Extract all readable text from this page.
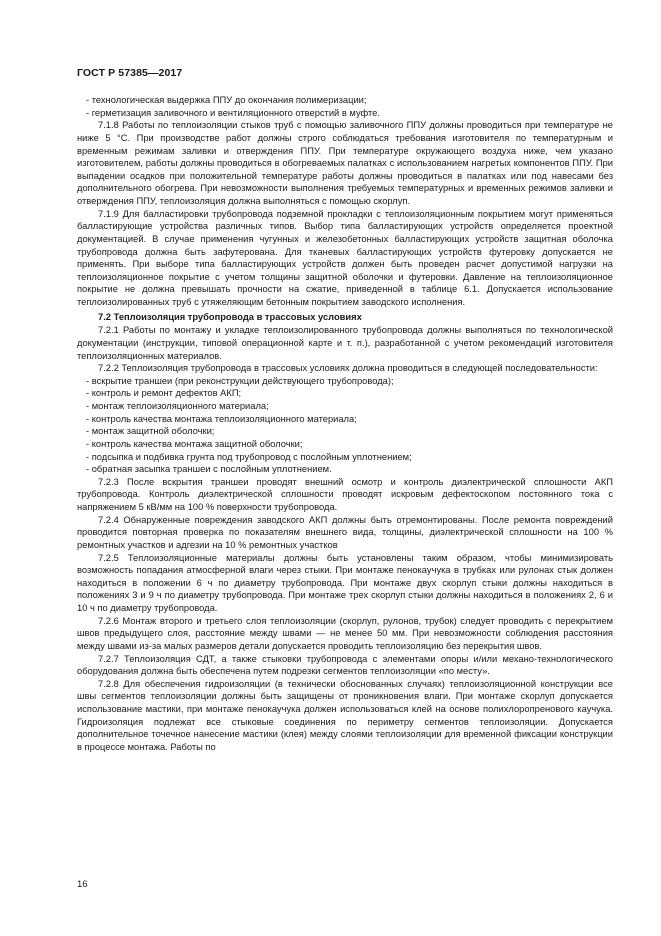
ГОСТ Р 57385—2017

- технологическая выдержка ППУ до окончания полимеризации;

- герметизация заливочного и вентиляционного отверстий в муфте.

7.1.8 Работы по теплоизоляции стыков труб с помощью заливочного ППУ должны проводиться при температуре не ниже 5 °С. При производстве работ должны строго соблюдаться требования изготовителя по температурным и временным режимам заливки и отверждения ППУ. При температуре окружающего воздуха ниже, чем указано изготовителем, работы должны проводиться в обогреваемых палатках с использованием нагретых компонентов ППУ. При выпадении осадков при положительной температуре работы должны проводиться в палатках или под навесами без дополнительного обогрева. При невозможности выполнения требуемых температурных и временных режимов заливки и отверждения ППУ, теплоизоляция должна выполняться с помощью скорлуп.

7.1.9 Для балластировки трубопровода подземной прокладки с теплоизоляционным покрытием могут применяться балластирующие устройства различных типов. Выбор типа балластирующих устройств определяется проектной документацией. В случае применения чугунных и железобетонных балластирующих устройств защитная оболочка трубопровода должна быть зафутерована. Для тканевых балластирующих устройств футеровку допускается не применять. При выборе типа балластирующих устройств должен быть проведен расчет допустимой нагрузки на теплоизоляционное покрытие с учетом толщины защитной оболочки и футеровки. Давление на теплоизоляционное покрытие не должна превышать прочности на сжатие, приведенной в таблице 6.1. Допускается использование теплоизолированных труб с утяжеляющим бетонным покрытием заводского исполнения.

7.2 Теплоизоляция трубопровода в трассовых условиях

7.2.1 Работы по монтажу и укладке теплоизолированного трубопровода должны выполняться по технологической документации (инструкции, типовой операционной карте и т. п.), разработанной с учетом рекомендаций изготовителя теплоизоляционных материалов.

7.2.2 Теплоизоляция трубопровода в трассовых условиях должна проводиться в следующей последовательности:

- вскрытие траншеи (при реконструкции действующего трубопровода);

- контроль и ремонт дефектов АКП;

- монтаж теплоизоляционного материала;

- контроль качества монтажа теплоизоляционного материала;

- монтаж защитной оболочки;

- контроль качества монтажа защитной оболочки;

- подсыпка и подбивка грунта под трубопровод с послойным уплотнением;

- обратная засыпка траншеи с послойным уплотнением.

7.2.3 После вскрытия траншеи проводят внешний осмотр и контроль диэлектрической сплошности АКП трубопровода. Контроль диэлектрической сплошности проводят искровым дефектоскопом постоянного тока с напряжением 5 кВ/мм на 100 % поверхности трубопровода.

7.2.4 Обнаруженные повреждения заводского АКП должны быть отремонтированы. После ремонта повреждений проводится повторная проверка по показателям внешнего вида, толщины, диэлектрической сплошности на 100 % ремонтных участков и адгезии на 10 % ремонтных участков

7.2.5 Теплоизоляционные материалы должны быть установлены таким образом, чтобы минимизировать возможность попадания атмосферной влаги через стыки. При монтаже пенокаучука в трубках или рулонах стык должен находиться в положении 6 ч по диаметру трубопровода. При монтаже двух скорлуп стыки должны находиться в положениях 3 и 9 ч по диаметру трубопровода. При монтаже трех скорлуп стыки должны находиться в положениях 2, 6 и 10 ч по диаметру трубопровода.

7.2.6 Монтаж второго и третьего слоя теплоизоляции (скорлуп, рулонов, трубок) следует проводить с перекрытием швов предыдущего слоя, расстояние между швами — не менее 50 мм. При невозможности соблюдения расстояния между швами из-за малых размеров детали допускается проводить теплоизоляцию без перекрытия швов.

7.2.7 Теплоизоляция СДТ, а также стыковки трубопровода с элементами опоры и/или механо-технологического оборудования должна быть обеспечена путем подрезки сегментов теплоизоляции «по месту».

7.2.8 Для обеспечения гидроизоляции (в технически обоснованных случаях) теплоизоляционной конструкции все швы сегментов теплоизоляции должны быть защищены от проникновения влаги. При монтаже скорлуп допускается использование мастики, при монтаже пенокаучука должен использоваться клей на основе полихлоропренового каучука. Гидроизоляция подлежат все стыковые соединения по периметру сегментов теплоизоляции. Допускается дополнительное точечное нанесение мастики (клея) между слоями теплоизоляции для временной фиксации конструкции в процессе монтажа. Работы по

16
